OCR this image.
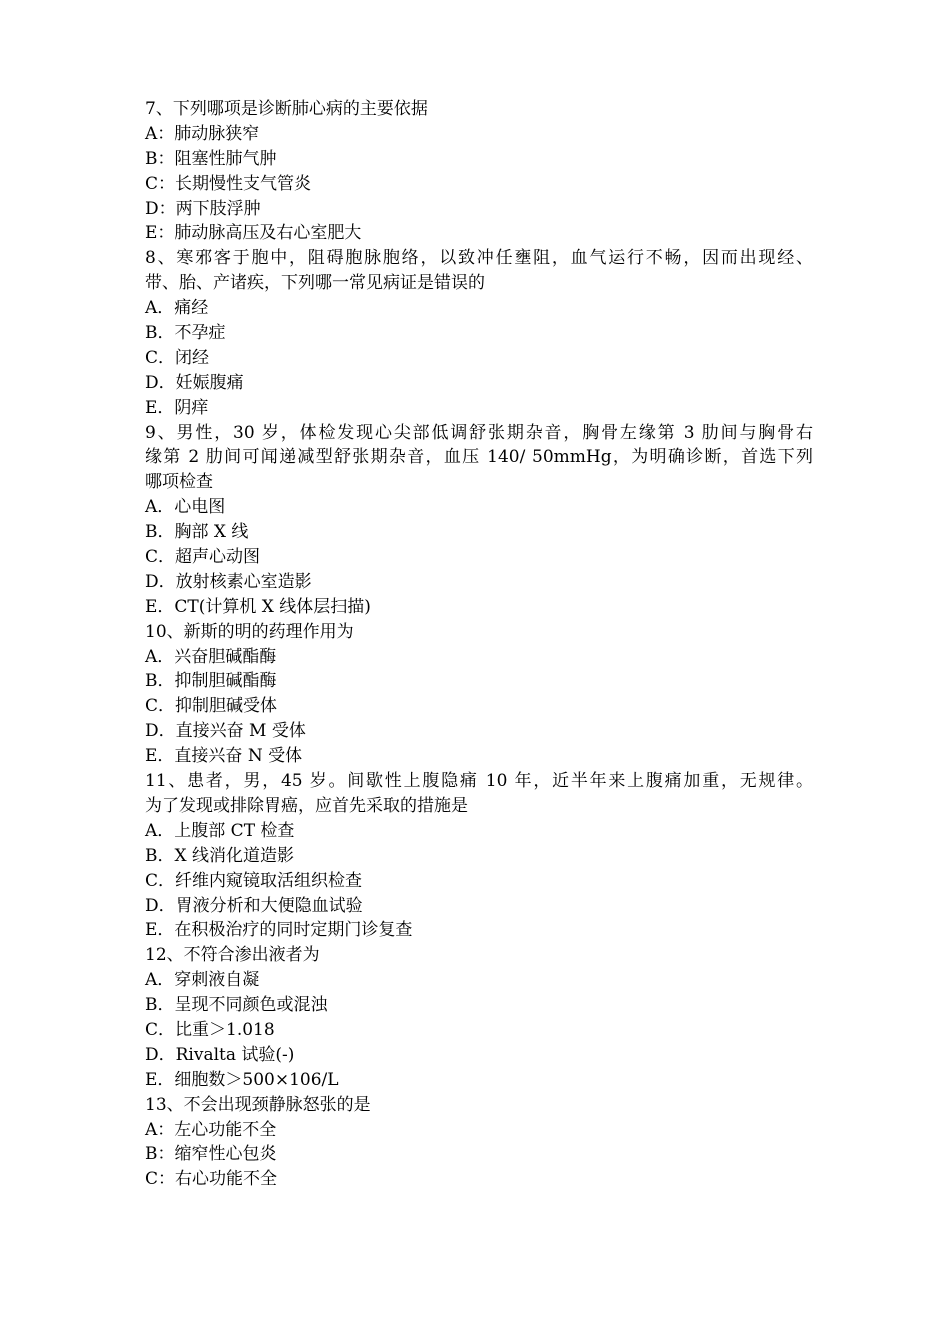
7、下列哪项是诊断肺心病的主要依据
A：肺动脉狭窄
B：阻塞性肺气肿
C：长期慢性支气管炎
D：两下肢浮肿
E：肺动脉高压及右心室肥大
8、寒邪客于胞中，阻碍胞脉胞络，以致冲任壅阻，血气运行不畅，因而出现经、
带、胎、产诸疾，下列哪一常见病证是错误的
A．痛经
B．不孕症
C．闭经
D．妊娠腹痛
E．阴痒
9、男性，30 岁，体检发现心尖部低调舒张期杂音，胸骨左缘第 3 肋间与胸骨右
缘第 2 肋间可闻递减型舒张期杂音，血压 140/ 50mmHg，为明确诊断，首选下列
哪项检查
A．心电图
B．胸部 X 线
C．超声心动图
D．放射核素心室造影
E．CT(计算机 X 线体层扫描)
10、新斯的明的药理作用为
A．兴奋胆碱酯酶
B．抑制胆碱酯酶
C．抑制胆碱受体
D．直接兴奋 M 受体
E．直接兴奋 N 受体
11、患者，男，45 岁。间歇性上腹隐痛 10 年，近半年来上腹痛加重，无规律。
为了发现或排除胃癌，应首先采取的措施是
A．上腹部 CT 检查
B．X 线消化道造影
C．纤维内窥镜取活组织检查
D．胃液分析和大便隐血试验
E．在积极治疗的同时定期门诊复查
12、不符合渗出液者为
A．穿刺液自凝
B．呈现不同颜色或混浊
C．比重＞1.018
D．Rivalta 试验(-)
E．细胞数＞500×106/L
13、不会出现颈静脉怒张的是
A：左心功能不全
B：缩窄性心包炎
C：右心功能不全
